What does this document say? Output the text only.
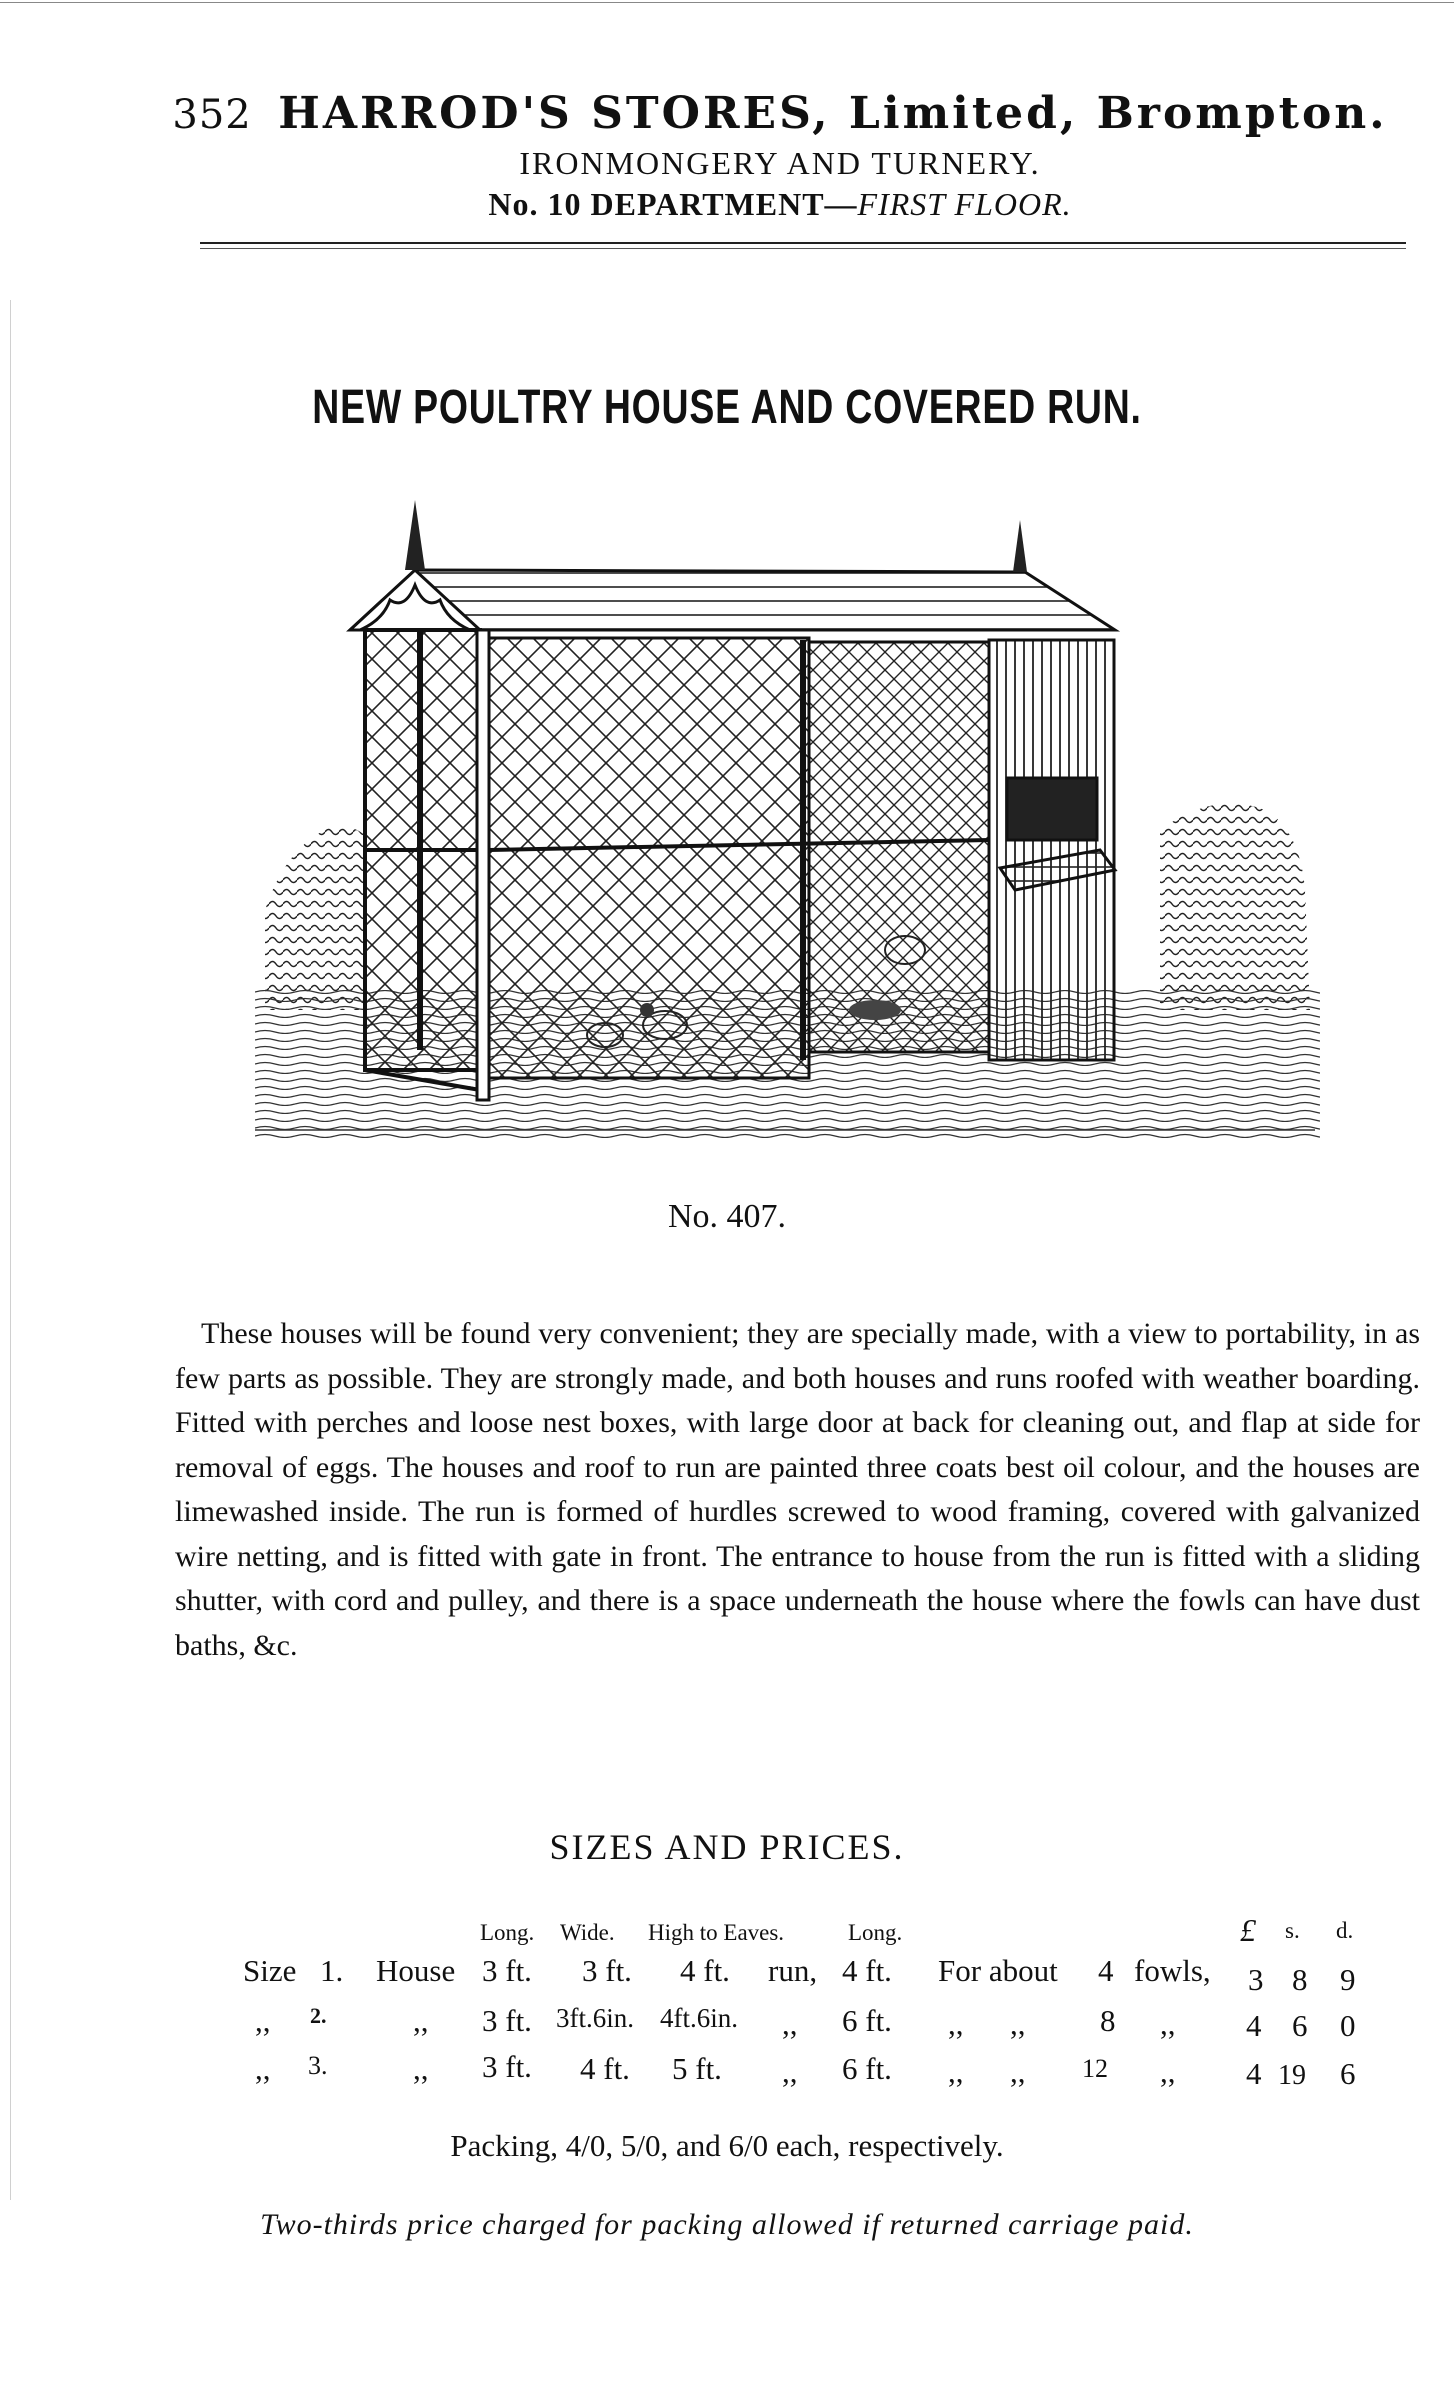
352 HARROD'S STORES, Limited, Brompton.
IRONMONGERY AND TURNERY.
No. 10 DEPARTMENT—FIRST FLOOR.
NEW POULTRY HOUSE AND COVERED RUN.
No. 407.
These houses will be found very convenient; they are specially made, with a view to portability, in as few parts as possible. They are strongly made, and both houses and runs roofed with weather boarding. Fitted with perches and loose nest boxes, with large door at back for cleaning out, and flap at side for removal of eggs. The houses and roof to run are painted three coats best oil colour, and the houses are limewashed inside. The run is formed of hurdles screwed to wood framing, covered with galvanized wire netting, and is fitted with gate in front. The entrance to house from the run is fitted with a sliding shutter, with cord and pulley, and there is a space underneath the house where the fowls can have dust baths, &c.
SIZES AND PRICES.
Long. Wide. High to Eaves.	Long.	£ s. d.
Size 1. House 3 ft. 3 ft. 4 ft. run, 4 ft. For about 4 fowls, 3 8 9
,, 2.	,, 3 ft. 3ft.6in. 4ft.6in. ,, 6 ft. ,,      ,, 8 ,, 4 6 0
,, 3.	,, 3 ft. 4 ft. 5 ft. ,, 6 ft. ,,      ,, 12 ,, 4 19 6
Packing, 4/0, 5/0, and 6/0 each, respectively.
Two-thirds price charged for packing allowed if returned carriage paid.
